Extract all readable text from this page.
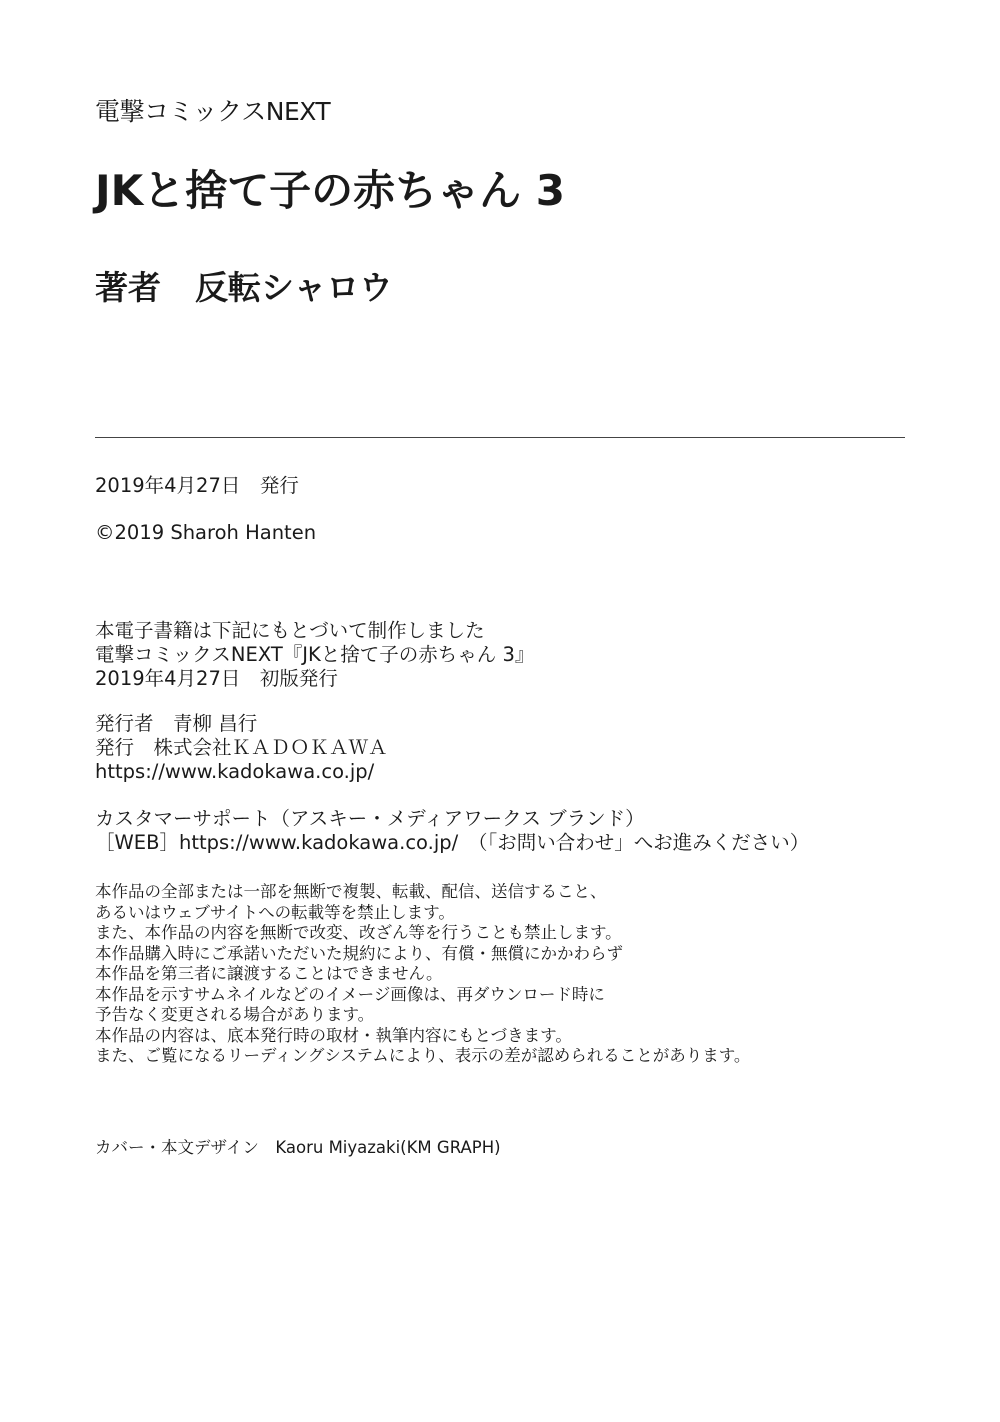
電撃コミックスNEXT
JKと捨て子の赤ちゃん 3
著者 反転シャロウ
2019年4月27日　発行
©2019 Sharoh Hanten
本電子書籍は下記にもとづいて制作しました
電撃コミックスNEXT『JKと捨て子の赤ちゃん 3』
2019年4月27日　初版発行
発行者　青柳 昌行
発行　株式会社ＫＡＤＯＫＡＷＡ
https://www.kadokawa.co.jp/
カスタマーサポート（アスキー・メディアワークス ブランド）
［WEB］https://www.kadokawa.co.jp/　（「お問い合わせ」へお進みください）
本作品の全部または一部を無断で複製、転載、配信、送信すること、
あるいはウェブサイトへの転載等を禁止します。
また、本作品の内容を無断で改変、改ざん等を行うことも禁止します。
本作品購入時にご承諾いただいた規約により、有償・無償にかかわらず
本作品を第三者に譲渡することはできません。
本作品を示すサムネイルなどのイメージ画像は、再ダウンロード時に
予告なく変更される場合があります。
本作品の内容は、底本発行時の取材・執筆内容にもとづきます。
また、ご覧になるリーディングシステムにより、表示の差が認められることがあります。
カバー・本文デザイン　Kaoru Miyazaki(KM GRAPH)
